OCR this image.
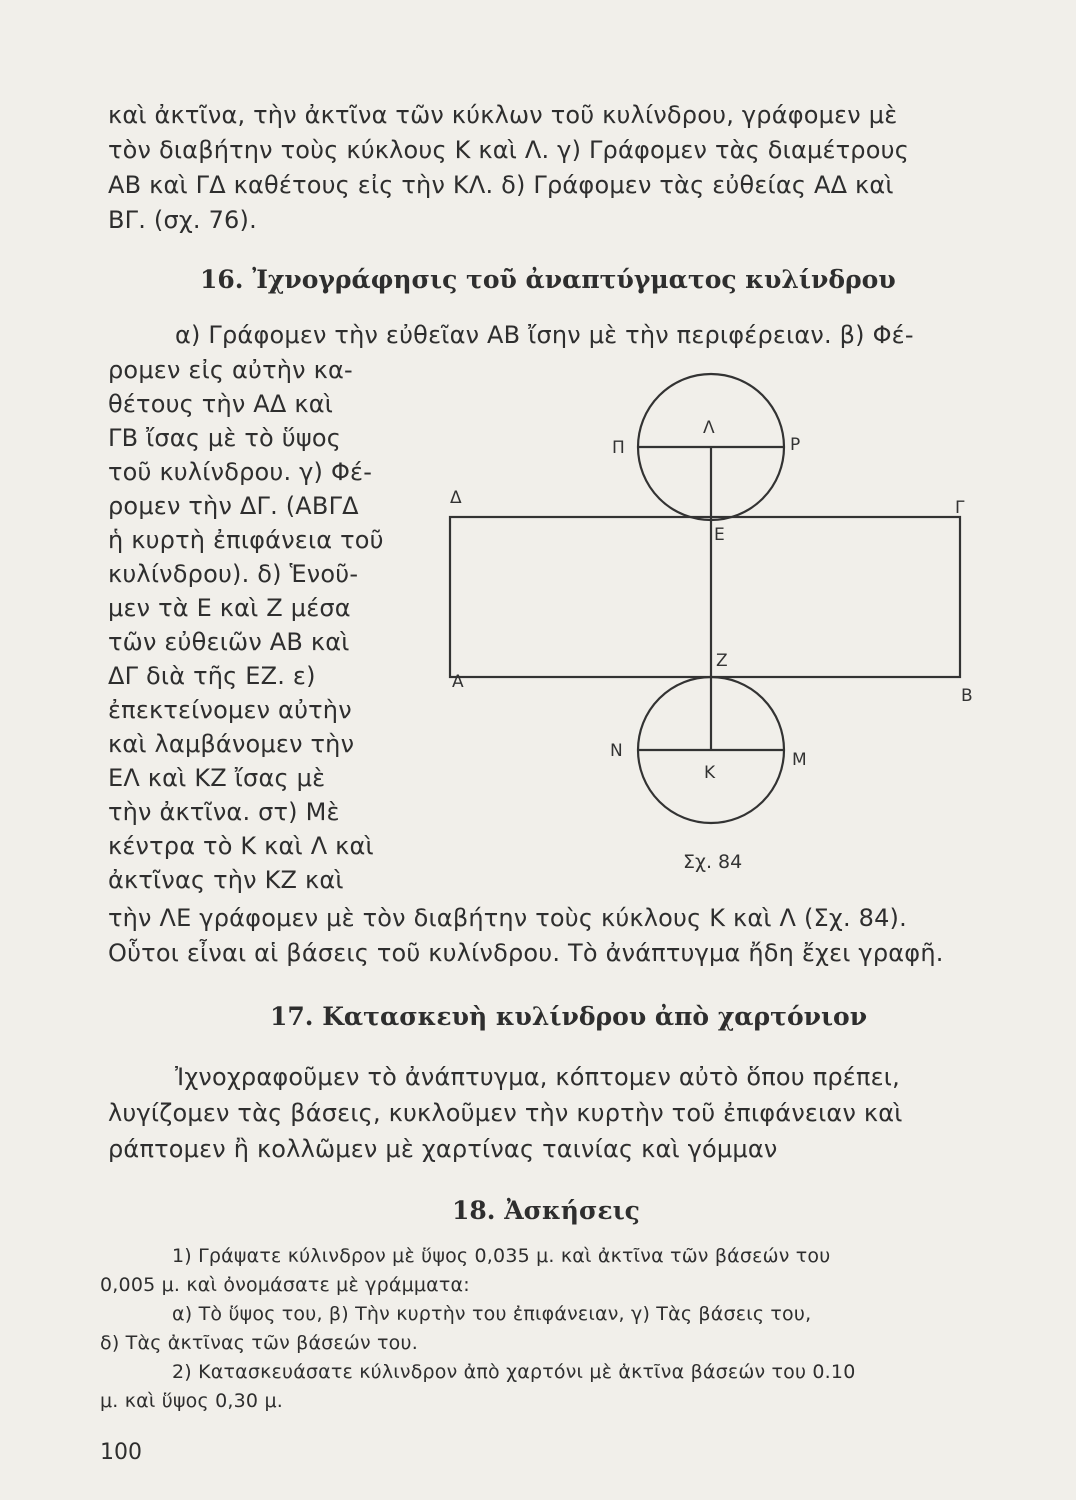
καὶ ἀκτῖνα, τὴν ἀκτῖνα τῶν κύκλων τοῦ κυλίνδρου, γράφομεν μὲ
τὸν διαβήτην τοὺς κύκλους Κ καὶ Λ. γ) Γράφομεν τὰς διαμέτρους
ΑΒ καὶ ΓΔ καθέτους εἰς τὴν ΚΛ. δ) Γράφομεν τὰς εὐθείας ΑΔ καὶ
ΒΓ. (σχ. 76).
16. Ἰχνογράφησις τοῦ ἀναπτύγματος κυλίνδρου
α) Γράφομεν τὴν εὐθεῖαν ΑΒ ἴσην μὲ τὴν περιφέρειαν. β) Φέ-
ρομεν εἰς αὐτὴν κα-
θέτους τὴν ΑΔ καὶ
ΓΒ ἴσας μὲ τὸ ὕψος
τοῦ κυλίνδρου. γ) Φέ-
ρομεν τὴν ΔΓ. (ΑΒΓΔ
ἡ κυρτὴ ἐπιφάνεια τοῦ
κυλίνδρου). δ) Ἑνοῦ-
μεν τὰ Ε καὶ Ζ μέσα
τῶν εὐθειῶν ΑΒ καὶ
ΔΓ διὰ τῆς ΕΖ. ε)
ἐπεκτείνομεν αὐτὴν
καὶ λαμβάνομεν τὴν
ΕΛ καὶ ΚΖ ἴσας μὲ
τὴν ἀκτῖνα. στ) Μὲ
κέντρα τὸ Κ καὶ Λ καὶ
ἀκτῖνας τὴν ΚΖ καὶ
τὴν ΛΕ γράφομεν μὲ τὸν διαβήτην τοὺς κύκλους Κ καὶ Λ (Σχ. 84).
Οὗτοι εἶναι αἱ βάσεις τοῦ κυλίνδρου. Τὸ ἀνάπτυγμα ἤδη ἔχει γραφῆ.
Π
Λ
Ρ
Δ	Γ
Ε
Ζ
Α
Β
Ν
Κ
Μ
Σχ. 84
17. Κατασκευὴ κυλίνδρου ἀπὸ χαρτόνιον
Ἰχνοχραφοῦμεν τὸ ἀνάπτυγμα, κόπτομεν αὐτὸ ὅπου πρέπει,
λυγίζομεν τὰς βάσεις, κυκλοῦμεν τὴν κυρτὴν τοῦ ἐπιφάνειαν καὶ
ράπτομεν ἢ κολλῶμεν μὲ χαρτίνας ταινίας καὶ γόμμαν
18. Ἀσκήσεις
1) Γράψατε κύλινδρον μὲ ὕψος 0,035 μ. καὶ ἀκτῖνα τῶν βάσεών του
0,005 μ. καὶ ὀνομάσατε μὲ γράμματα:
α) Τὸ ὕψος του, β) Τὴν κυρτὴν του ἐπιφάνειαν, γ) Τὰς βάσεις του,
δ) Τὰς ἀκτῖνας τῶν βάσεών του.
2) Κατασκευάσατε κύλινδρον ἀπὸ χαρτόνι μὲ ἀκτῖνα βάσεών του 0.10
μ. καὶ ὕψος 0,30 μ.
100
